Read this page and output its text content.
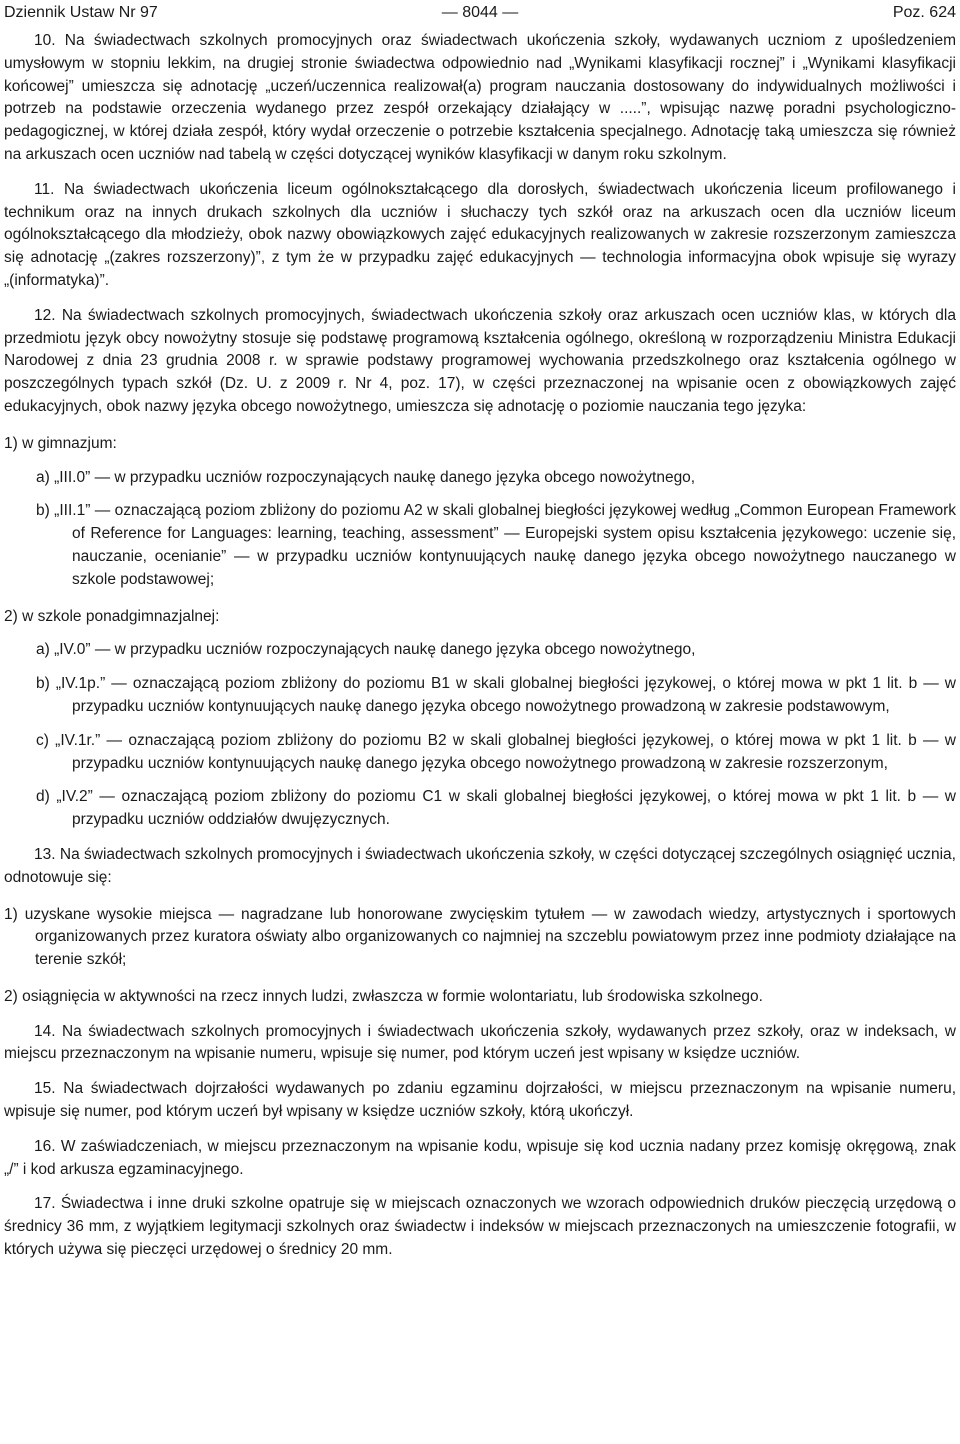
Dziennik Ustaw Nr 97	— 8044 —	Poz. 624

10. Na świadectwach szkolnych promocyjnych oraz świadectwach ukończenia szkoły, wydawanych uczniom z upośledzeniem umysłowym w stopniu lekkim, na drugiej stronie świadectwa odpowiednio nad „Wynikami klasyfikacji rocznej” i „Wynikami klasyfikacji końcowej” umieszcza się adnotację „uczeń/uczennica realizował(a) program nauczania dostosowany do indywidualnych możliwości i potrzeb na podstawie orzeczenia wydanego przez zespół orzekający działający w .....”, wpisując nazwę poradni psychologiczno-pedagogicznej, w której działa zespół, który wydał orzeczenie o potrzebie kształcenia specjalnego. Adnotację taką umieszcza się również na arkuszach ocen uczniów nad tabelą w części dotyczącej wyników klasyfikacji w danym roku szkolnym.

11. Na świadectwach ukończenia liceum ogólnokształcącego dla dorosłych, świadectwach ukończenia liceum profilowanego i technikum oraz na innych drukach szkolnych dla uczniów i słuchaczy tych szkół oraz na arkuszach ocen dla uczniów liceum ogólnokształcącego dla młodzieży, obok nazwy obowiązkowych zajęć edukacyjnych realizowanych w zakresie rozszerzonym zamieszcza się adnotację „(zakres rozszerzony)”, z tym że w przypadku zajęć edukacyjnych — technologia informacyjna obok wpisuje się wyrazy „(informatyka)”.

12. Na świadectwach szkolnych promocyjnych, świadectwach ukończenia szkoły oraz arkuszach ocen uczniów klas, w których dla przedmiotu język obcy nowożytny stosuje się podstawę programową kształcenia ogólnego, określoną w rozporządzeniu Ministra Edukacji Narodowej z dnia 23 grudnia 2008 r. w sprawie podstawy programowej wychowania przedszkolnego oraz kształcenia ogólnego w poszczególnych typach szkół (Dz. U. z 2009 r. Nr 4, poz. 17), w części przeznaczonej na wpisanie ocen z obowiązkowych zajęć edukacyjnych, obok nazwy języka obcego nowożytnego, umieszcza się adnotację o poziomie nauczania tego języka:

1) w gimnazjum:

a) „III.0” — w przypadku uczniów rozpoczynających naukę danego języka obcego nowożytnego,

b) „III.1” — oznaczającą poziom zbliżony do poziomu A2 w skali globalnej biegłości językowej według „Common European Framework of Reference for Languages: learning, teaching, assessment” — Europejski system opisu kształcenia językowego: uczenie się, nauczanie, ocenianie” — w przypadku uczniów kontynuujących naukę danego języka obcego nowożytnego nauczanego w szkole podstawowej;

2) w szkole ponadgimnazjalnej:

a) „IV.0” — w przypadku uczniów rozpoczynających naukę danego języka obcego nowożytnego,

b) „IV.1p.” — oznaczającą poziom zbliżony do poziomu B1 w skali globalnej biegłości językowej, o której mowa w pkt 1 lit. b — w przypadku uczniów kontynuujących naukę danego języka obcego nowożytnego prowadzoną w zakresie podstawowym,

c) „IV.1r.” — oznaczającą poziom zbliżony do poziomu B2 w skali globalnej biegłości językowej, o której mowa w pkt 1 lit. b — w przypadku uczniów kontynuujących naukę danego języka obcego nowożytnego prowadzoną w zakresie rozszerzonym,

d) „IV.2” — oznaczającą poziom zbliżony do poziomu C1 w skali globalnej biegłości językowej, o której mowa w pkt 1 lit. b — w przypadku uczniów oddziałów dwujęzycznych.

13. Na świadectwach szkolnych promocyjnych i świadectwach ukończenia szkoły, w części dotyczącej szczególnych osiągnięć ucznia, odnotowuje się:

1) uzyskane wysokie miejsca — nagradzane lub honorowane zwycięskim tytułem — w zawodach wiedzy, artystycznych i sportowych organizowanych przez kuratora oświaty albo organizowanych co najmniej na szczeblu powiatowym przez inne podmioty działające na terenie szkół;

2) osiągnięcia w aktywności na rzecz innych ludzi, zwłaszcza w formie wolontariatu, lub środowiska szkolnego.

14. Na świadectwach szkolnych promocyjnych i świadectwach ukończenia szkoły, wydawanych przez szkoły, oraz w indeksach, w miejscu przeznaczonym na wpisanie numeru, wpisuje się numer, pod którym uczeń jest wpisany w księdze uczniów.

15. Na świadectwach dojrzałości wydawanych po zdaniu egzaminu dojrzałości, w miejscu przeznaczonym na wpisanie numeru, wpisuje się numer, pod którym uczeń był wpisany w księdze uczniów szkoły, którą ukończył.

16. W zaświadczeniach, w miejscu przeznaczonym na wpisanie kodu, wpisuje się kod ucznia nadany przez komisję okręgową, znak „/” i kod arkusza egzaminacyjnego.

17. Świadectwa i inne druki szkolne opatruje się w miejscach oznaczonych we wzorach odpowiednich druków pieczęcią urzędową o średnicy 36 mm, z wyjątkiem legitymacji szkolnych oraz świadectw i indeksów w miejscach przeznaczonych na umieszczenie fotografii, w których używa się pieczęci urzędowej o średnicy 20 mm.
